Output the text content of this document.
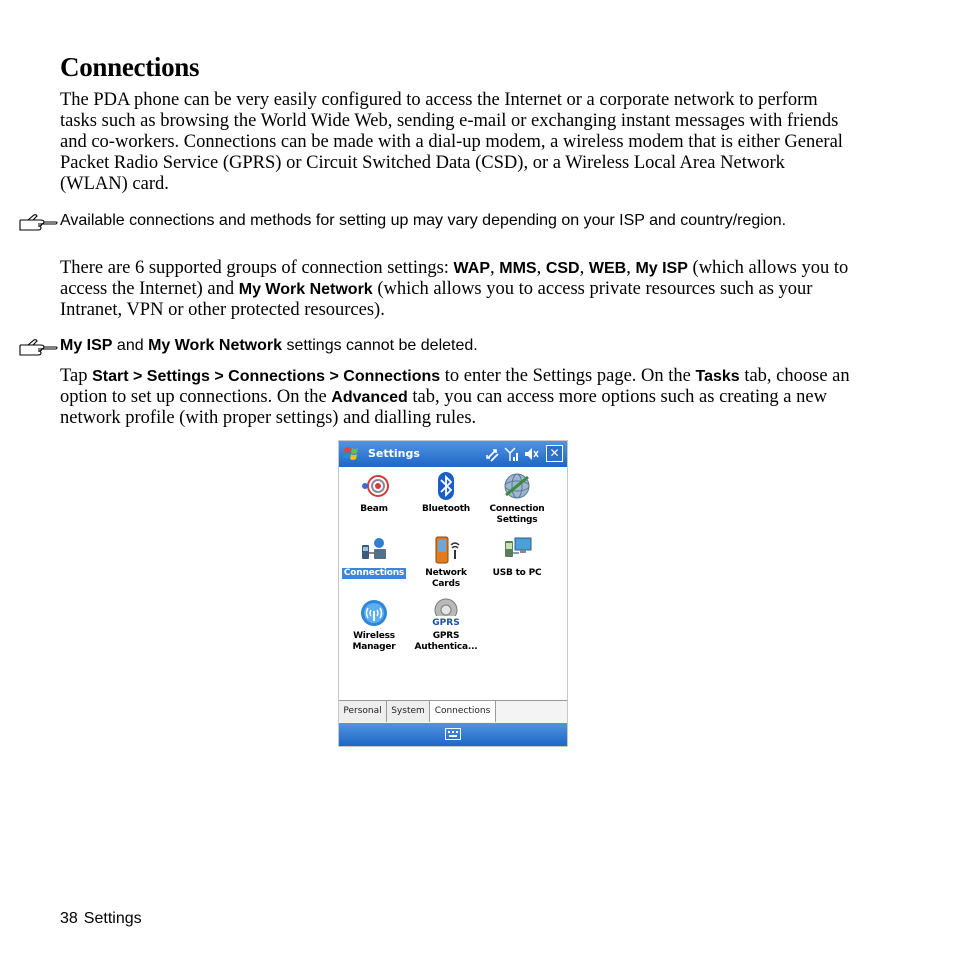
Connections

The PDA phone can be very easily configured to access the Internet or a corporate network to perform tasks such as browsing the World Wide Web, sending e-mail or exchanging instant messages with friends and co-workers. Connections can be made with a dial-up modem, a wireless modem that is either General Packet Radio Service (GPRS) or Circuit Switched Data (CSD), or a Wireless Local Area Network (WLAN) card.

Available connections and methods for setting up may vary depending on your ISP and country/region.

There are 6 supported groups of connection settings: WAP, MMS, CSD, WEB, My ISP (which allows you to access the Internet) and My Work Network (which allows you to access private resources such as your Intranet, VPN or other protected resources).

My ISP and My Work Network settings cannot be deleted.

Tap Start > Settings > Connections > Connections to enter the Settings page. On the Tasks tab, choose an option to set up connections. On the Advanced tab, you can access more options such as creating a new network profile (with proper settings) and dialling rules.

Settings	✕
Beam	Bluetooth	Connection
Settings
Connections	Network
Cards
USB to PC
Wireless
Manager
GPRS
GPRS
Authentica...
Personal	System	Connections
38 Settings
